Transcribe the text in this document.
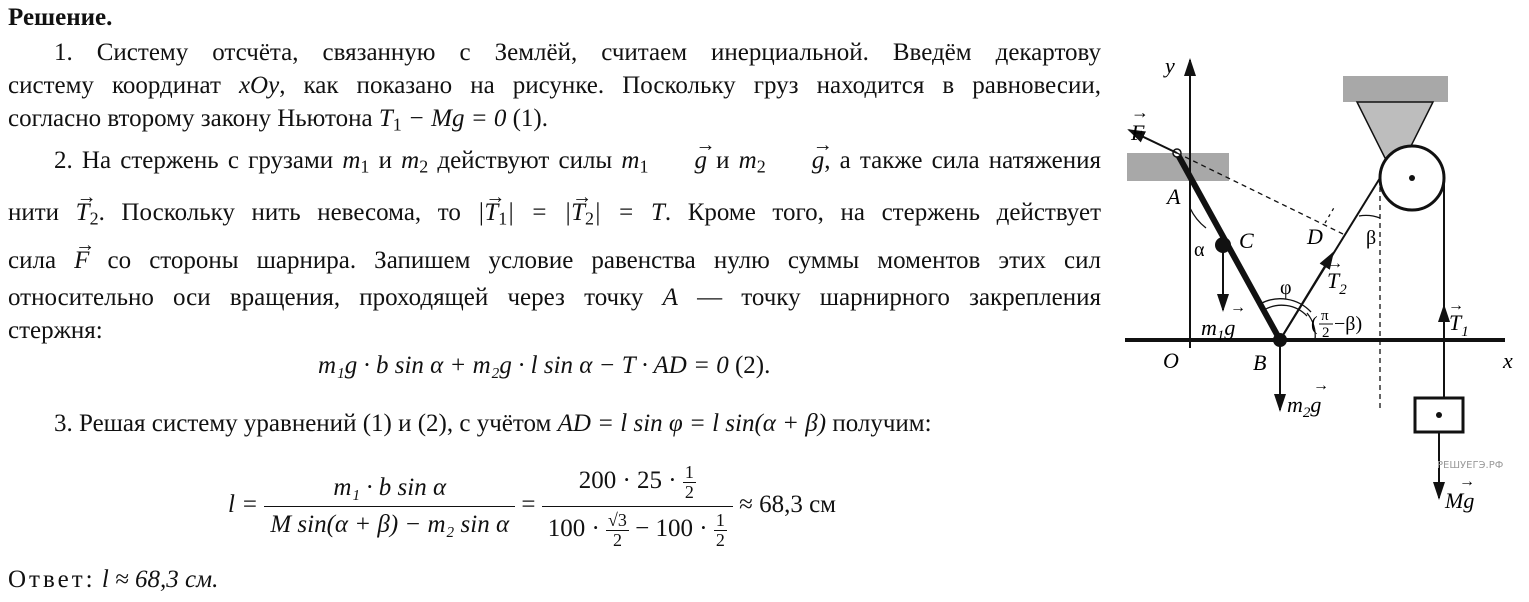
Решение.
1. Систему отсчёта, связанную с Землёй, считаем инерциальной. Введём декартову
систему координат xOy, как показано на рисунке. Поскольку груз находится в равновесии,
согласно второму закону Ньютона $T_1 - Mg = 0$ (1).
2. На стержень с грузами $m_1$ и $m_2$ действуют силы $m_1 \to g$ и $m_2 \to g$, а также сила натяжения
нити → $T_2$. Поскольку нить невесома, то |→ $T_1|$ = |→ $T_2| = T$. Кроме того, на стержень действует
сила → F со стороны шарнира. Запишем условие равенства нулю суммы моментов этих сил
относительно оси вращения, проходящей через точку A — точку шарнирного закрепления
стержня:
m₁g · b sin α + m₂g · l sin α − T · AD = 0 (2).
3. Решая систему уравнений (1) и (2), с учётом AD = l sin φ = l sin(α + β) получим:
$l = \frac{\text{m₁ · b sin α}}{\text{M sin(α + β) − m₂ sin α}} = \frac{200 \cdot 25 \cdot \frac{1}{2}}{100 \cdot \frac{√3}{2} - 100 \cdot \frac{1}{2}} \approx 68,3$ см
Ответ: l ≈ 68,3 см.
y
x
O	B
A
C D
F
→
α
β
φ
$m_1g$
→
$m_2g$
→
$T_2$
→
$T_1$
→
Mg
→
( π
2 −β)
РЕШУЕГЭ.РФ
